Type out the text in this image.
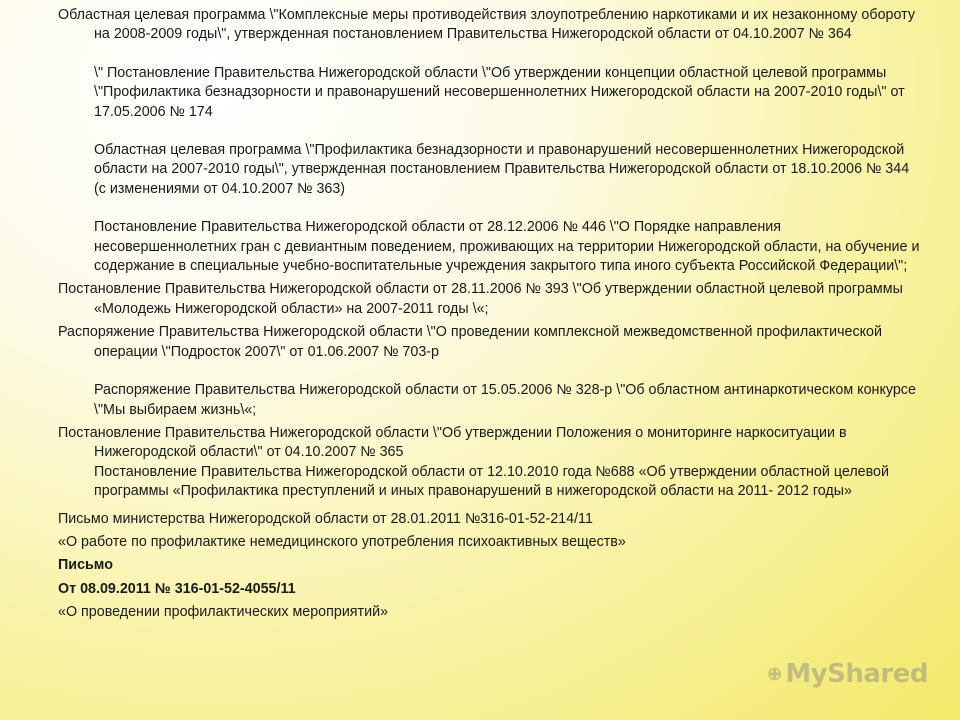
Областная целевая программа \"Комплексные меры противодействия злоупотреблению наркотиками и их незаконному обороту на 2008-2009 годы\", утвержденная постановлением Правительства Нижегородской области от 04.10.2007 № 364
\" Постановление Правительства Нижегородской области \"Об утверждении концепции областной целевой программы \"Профилактика безнадзорности и правонарушений несовершеннолетних Нижегородской области на 2007-2010 годы\" от 17.05.2006 № 174
Областная целевая программа \"Профилактика безнадзорности и правонарушений несовершеннолетних Нижегородской области на 2007-2010 годы\", утвержденная постановлением Правительства Нижегородской области от 18.10.2006 № 344 (с изменениями от 04.10.2007 № 363)
Постановление Правительства Нижегородской области от 28.12.2006 № 446 \"О Порядке направления несовершеннолетних гран с девиантным поведением, проживающих на территории Нижегородской области, на обучение и содержание в специальные учебно-воспитательные учреждения закрытого типа иного субъекта Российской Федерации\";
Постановление Правительства Нижегородской области от 28.11.2006 № 393 \"Об утверждении областной целевой программы «Молодежь Нижегородской области» на 2007-2011 годы \«;
Распоряжение Правительства Нижегородской области \"О проведении комплексной межведомственной профилактической операции \"Подросток 2007\" от 01.06.2007 № 703-р
Распоряжение Правительства Нижегородской области от 15.05.2006 № 328-р \"Об областном антинаркотическом конкурсе \"Мы выбираем жизнь\«;
Постановление Правительства Нижегородской области \"Об утверждении Положения о мониторинге наркоситуации в Нижегородской области\" от 04.10.2007 № 365
Постановление Правительства Нижегородской области от 12.10.2010 года №688 «Об утверждении областной целевой программы «Профилактика преступлений и иных правонарушений в нижегородской области на 2011- 2012 годы»
Письмо министерства Нижегородской области от 28.01.2011 №316-01-52-214/11
«О работе по профилактике немедицинского употребления психоактивных веществ»
Письмо
От 08.09.2011 № 316-01-52-4055/11
«О проведении профилактических мероприятий»
MyShared
